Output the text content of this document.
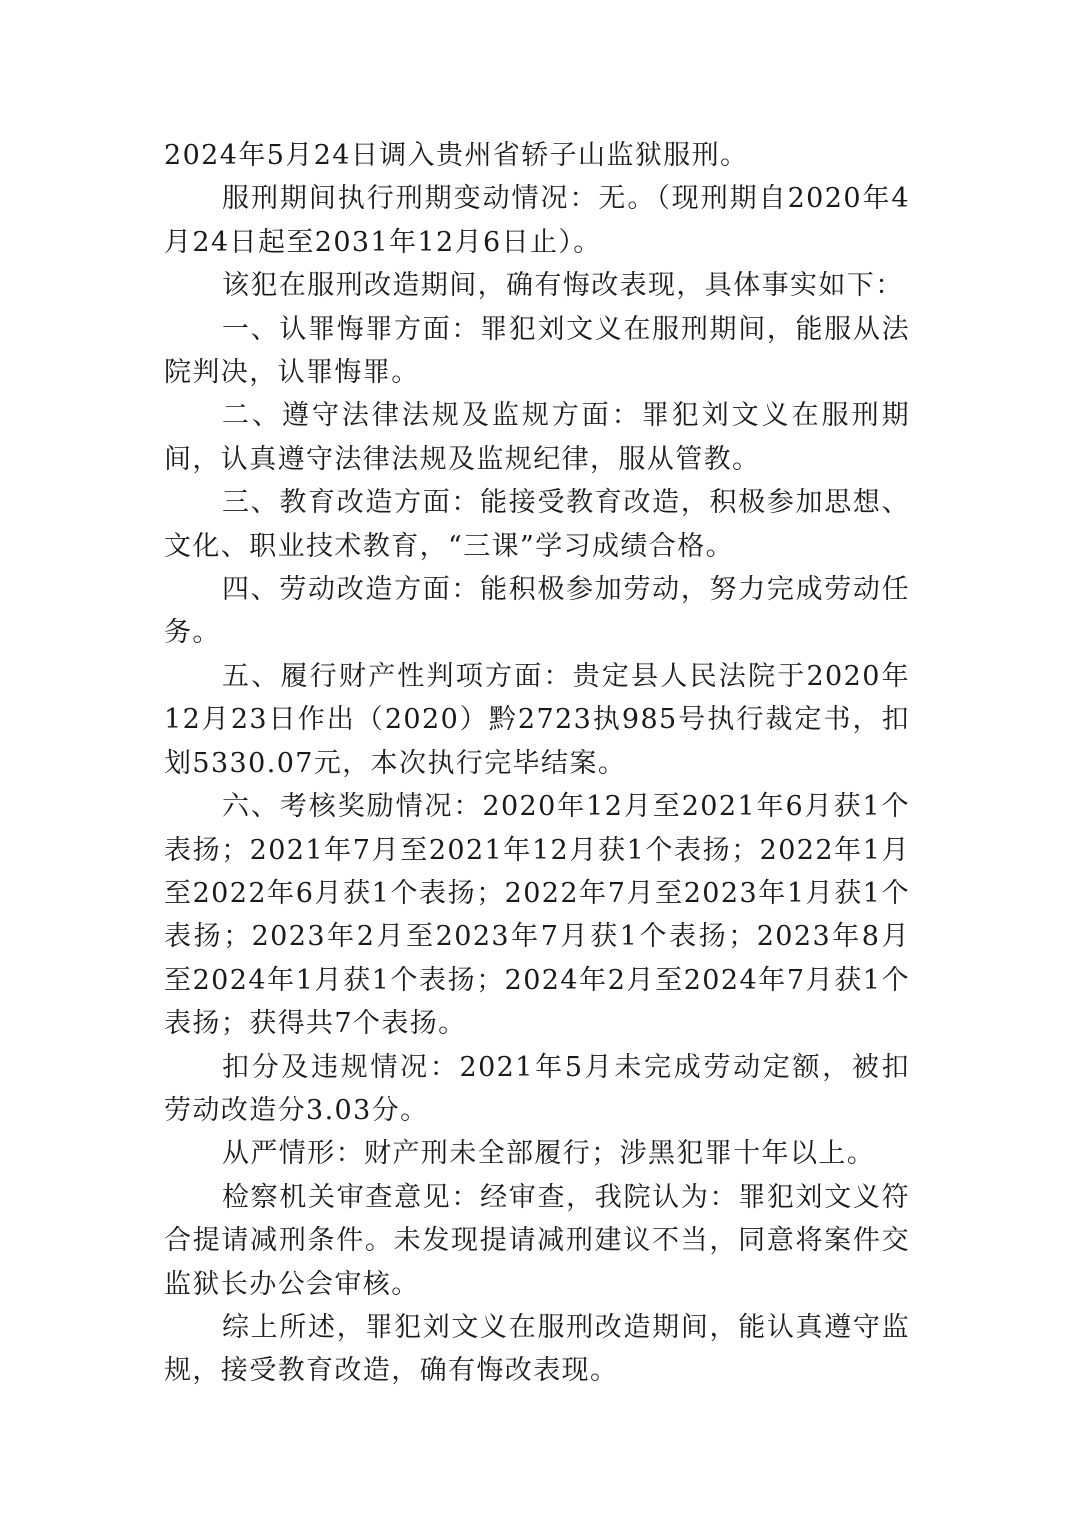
2024年5月24日调入贵州省轿子山监狱服刑。

服刑期间执行刑期变动情况：无。（现刑期自2020年4月24日起至2031年12月6日止）。

该犯在服刑改造期间，确有悔改表现，具体事实如下：

一、认罪悔罪方面：罪犯刘文义在服刑期间，能服从法院判决，认罪悔罪。

二、遵守法律法规及监规方面：罪犯刘文义在服刑期间，认真遵守法律法规及监规纪律，服从管教。

三、教育改造方面：能接受教育改造，积极参加思想、文化、职业技术教育，“三课”学习成绩合格。

四、劳动改造方面：能积极参加劳动，努力完成劳动任务。

五、履行财产性判项方面：贵定县人民法院于2020年12月23日作出（2020）黔2723执985号执行裁定书，扣划5330.07元，本次执行完毕结案。

六、考核奖励情况：2020年12月至2021年6月获1个表扬；2021年7月至2021年12月获1个表扬；2022年1月至2022年6月获1个表扬；2022年7月至2023年1月获1个表扬；2023年2月至2023年7月获1个表扬；2023年8月至2024年1月获1个表扬；2024年2月至2024年7月获1个表扬；获得共7个表扬。

扣分及违规情况：2021年5月未完成劳动定额，被扣劳动改造分3.03分。

从严情形：财产刑未全部履行；涉黑犯罪十年以上。

检察机关审查意见：经审查，我院认为：罪犯刘文义符合提请减刑条件。未发现提请减刑建议不当，同意将案件交监狱长办公会审核。

综上所述，罪犯刘文义在服刑改造期间，能认真遵守监规，接受教育改造，确有悔改表现。
